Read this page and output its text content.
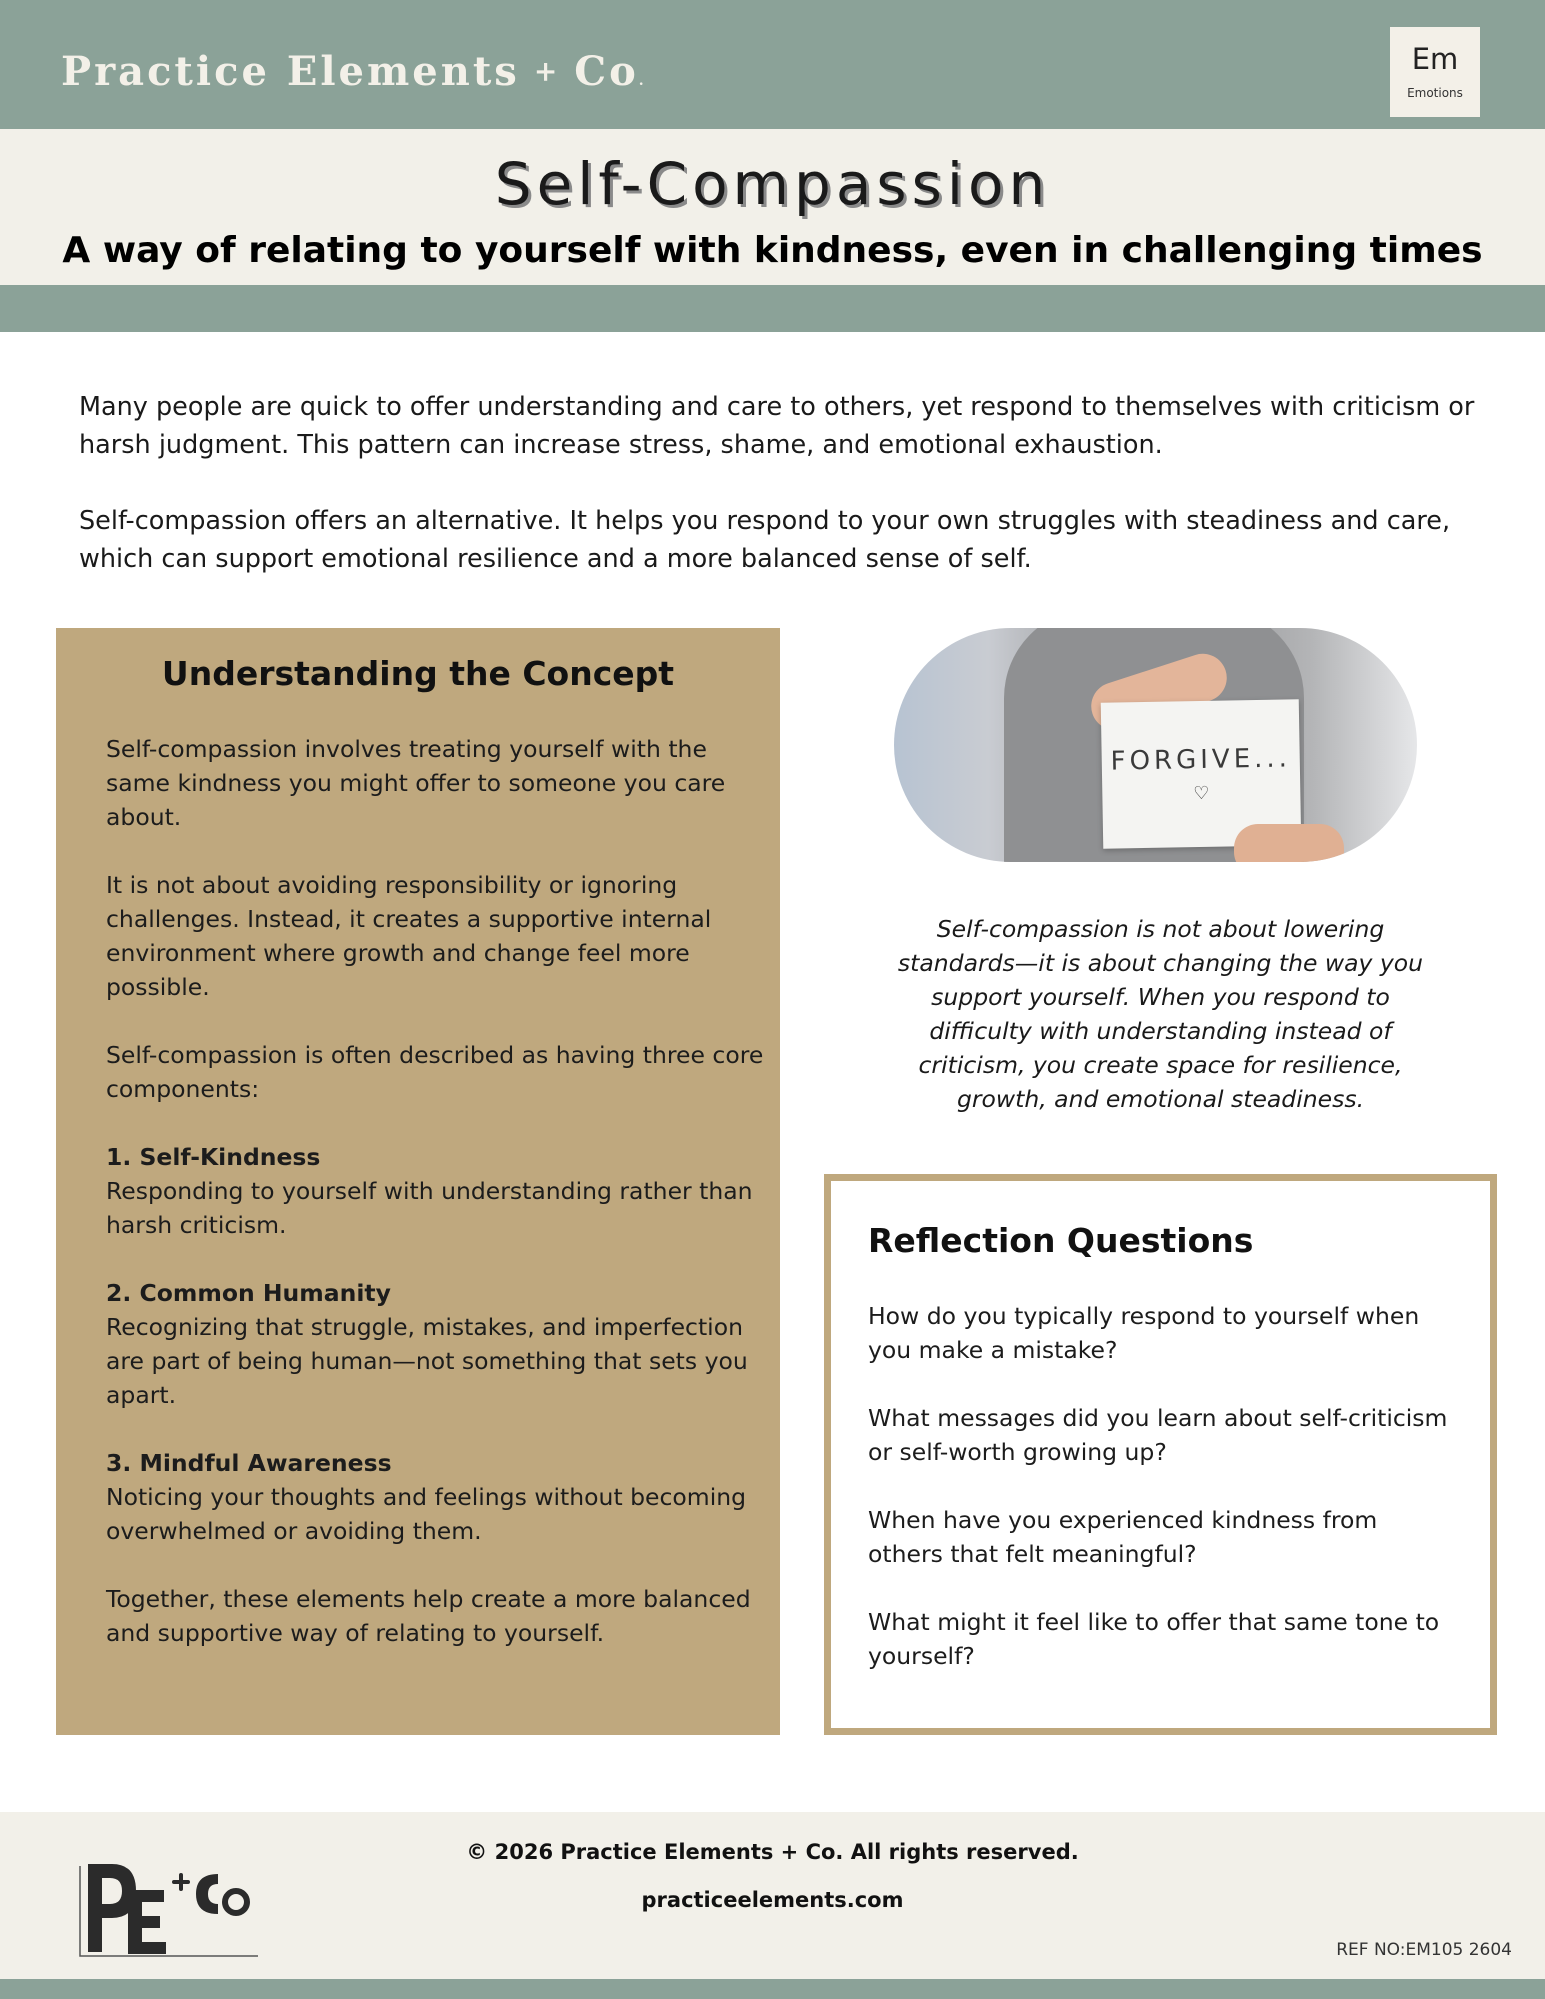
Practice Elements + Co.
Em
Emotions
Self-Compassion
A way of relating to yourself with kindness, even in challenging times

Many people are quick to offer understanding and care to others, yet respond to themselves with criticism or harsh judgment. This pattern can increase stress, shame, and emotional exhaustion.

Self-compassion offers an alternative. It helps you respond to your own struggles with steadiness and care, which can support emotional resilience and a more balanced sense of self.

Understanding the Concept

Self-compassion involves treating yourself with the same kindness you might offer to someone you care about.

It is not about avoiding responsibility or ignoring challenges. Instead, it creates a supportive internal environment where growth and change feel more possible.

Self-compassion is often described as having three core components:

1. Self-Kindness
Responding to yourself with understanding rather than harsh criticism.

2. Common Humanity
Recognizing that struggle, mistakes, and imperfection are part of being human—not something that sets you apart.

3. Mindful Awareness
Noticing your thoughts and feelings without becoming overwhelmed or avoiding them.

Together, these elements help create a more balanced and supportive way of relating to yourself.

FORGIVE...
♡

Self-compassion is not about lowering standards—it is about changing the way you support yourself. When you respond to difficulty with understanding instead of criticism, you create space for resilience, growth, and emotional steadiness.

Reflection Questions
How do you typically respond to yourself when you make a mistake?
What messages did you learn about self-criticism or self-worth growing up?
When have you experienced kindness from others that felt meaningful?
What might it feel like to offer that same tone to yourself?
© 2026 Practice Elements + Co. All rights reserved.
practiceelements.com
REF NO:EM105 2604
